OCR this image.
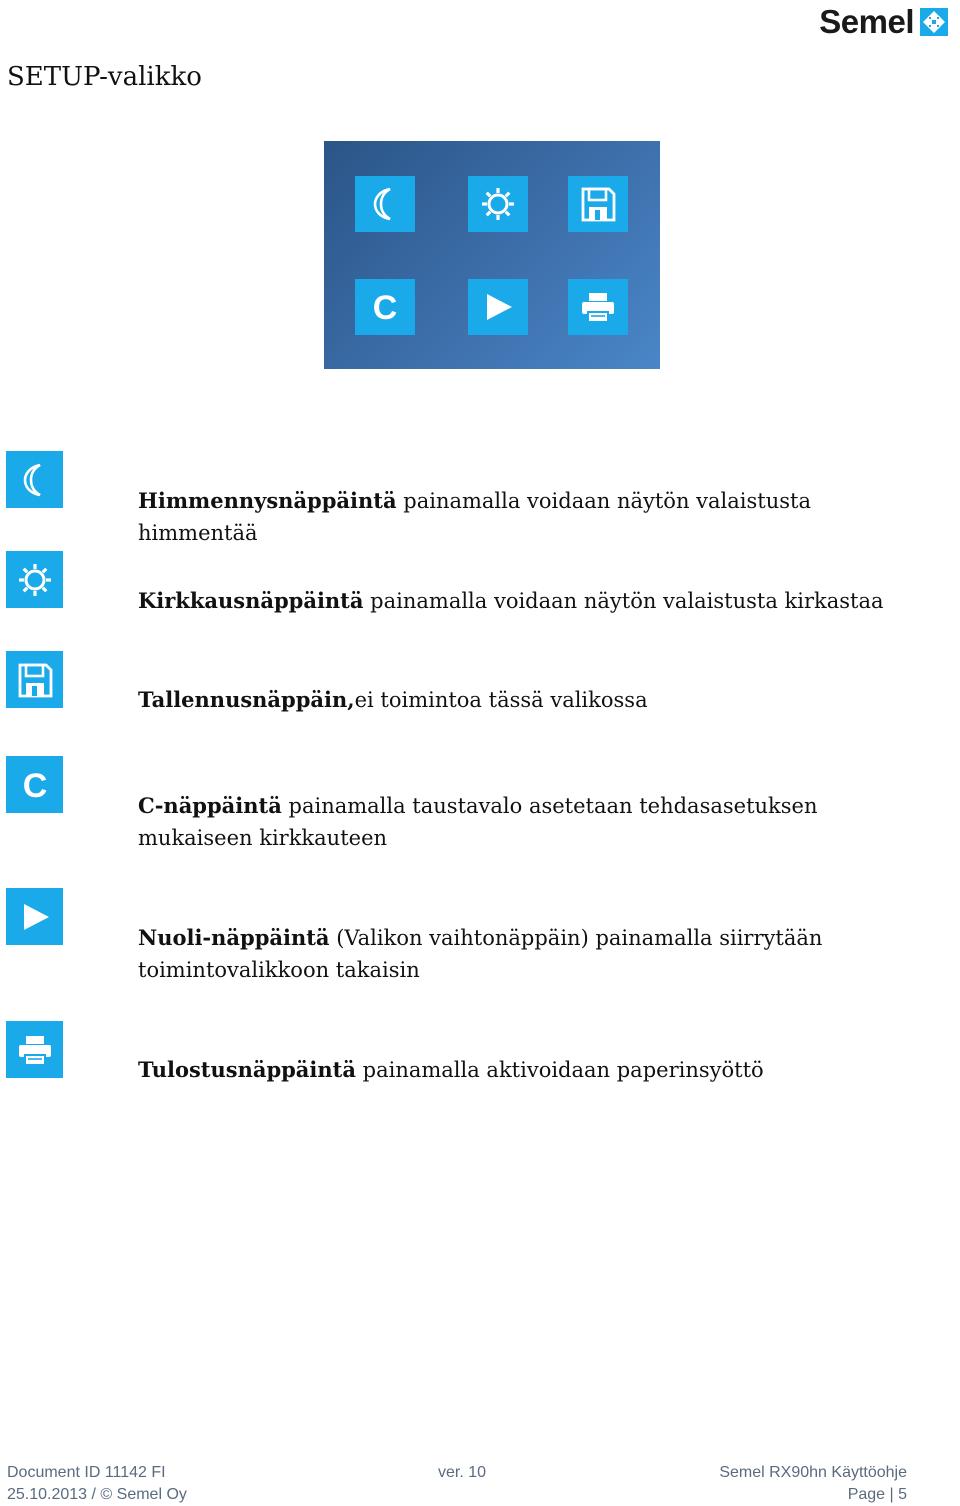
Semel
SETUP-valikko
C
Himmennysnäppäintä painamalla voidaan näytön valaistusta himmentää
Kirkkausnäppäintä painamalla voidaan näytön valaistusta kirkastaa
Tallennusnäppäin,ei toimintoa tässä valikossa
C
C-näppäintä painamalla taustavalo asetetaan tehdasasetuksen mukaiseen kirkkauteen
Nuoli-näppäintä (Valikon vaihtonäppäin) painamalla siirrytään toimintovalikkoon takaisin
Tulostusnäppäintä painamalla aktivoidaan paperinsyöttö
Document ID 11142 FI	ver. 10	Semel RX90hn Käyttöohje
25.10.2013 / © Semel Oy	Page | 5
